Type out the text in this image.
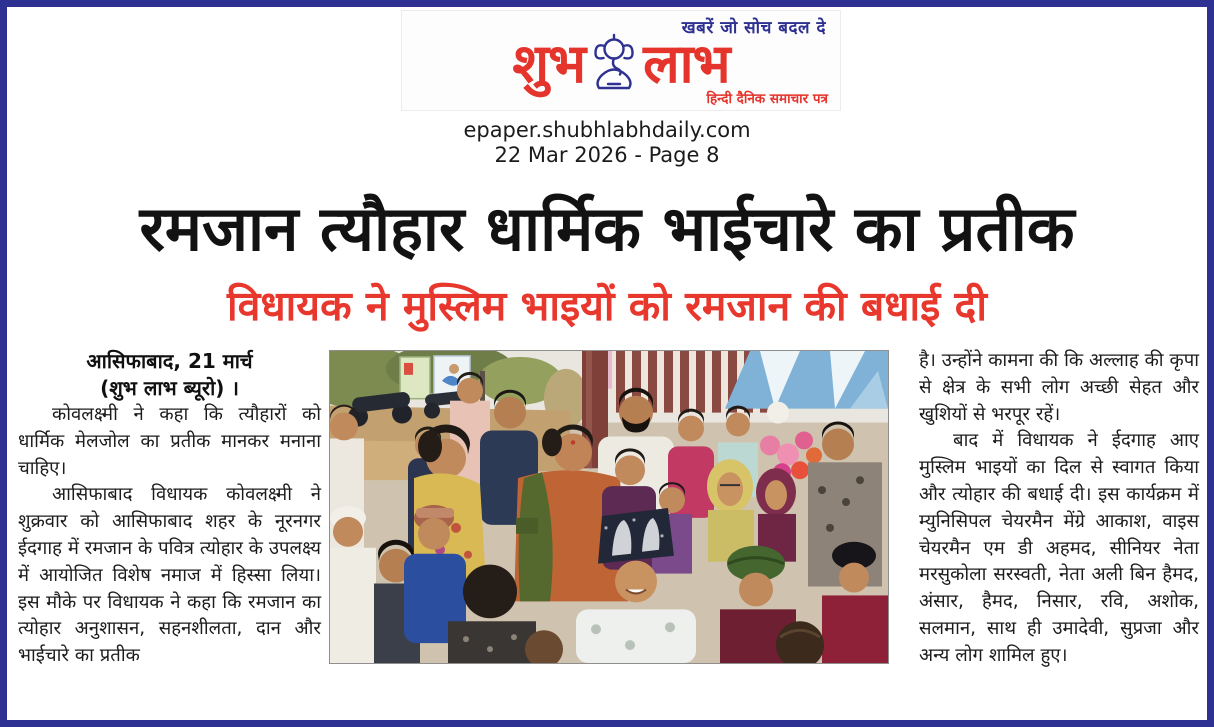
खबरें जो सोच बदल दे
शुभ लाभ
हिन्दी दैनिक समाचार पत्र
epaper.shubhlabhdaily.com
22 Mar 2026 - Page 8
रमजान त्यौहार धार्मिक भाईचारे का प्रतीक
विधायक ने मुस्लिम भाइयों को रमजान की बधाई दी
आसिफाबाद, 21 मार्च
(शुभ लाभ ब्यूरो) ।

कोवलक्ष्मी ने कहा कि त्यौहारों को धार्मिक मेलजोल का प्रतीक मानकर मनाना चाहिए।

आसिफाबाद विधायक कोवलक्ष्मी ने शुक्रवार को आसिफाबाद शहर के नूरनगर ईदगाह में रमजान के पवित्र त्योहार के उपलक्ष्य में आयोजित विशेष नमाज में हिस्सा लिया। इस मौके पर विधायक ने कहा कि रमजान का त्योहार अनुशासन, सहनशीलता, दान और भाईचारे का प्रतीक

है। उन्होंने कामना की कि अल्लाह की कृपा से क्षेत्र के सभी लोग अच्छी सेहत और खुशियों से भरपूर रहें।

बाद में विधायक ने ईदगाह आए मुस्लिम भाइयों का दिल से स्वागत किया और त्योहार की बधाई दी। इस कार्यक्रम में म्युनिसिपल चेयरमैन मेंग्रे आकाश, वाइस चेयरमैन एम डी अहमद, सीनियर नेता मरसुकोला सरस्वती, नेता अली बिन हैमद, अंसार, हैमद, निसार, रवि, अशोक, सलमान, साथ ही उमादेवी, सुप्रजा और अन्य लोग शामिल हुए।
